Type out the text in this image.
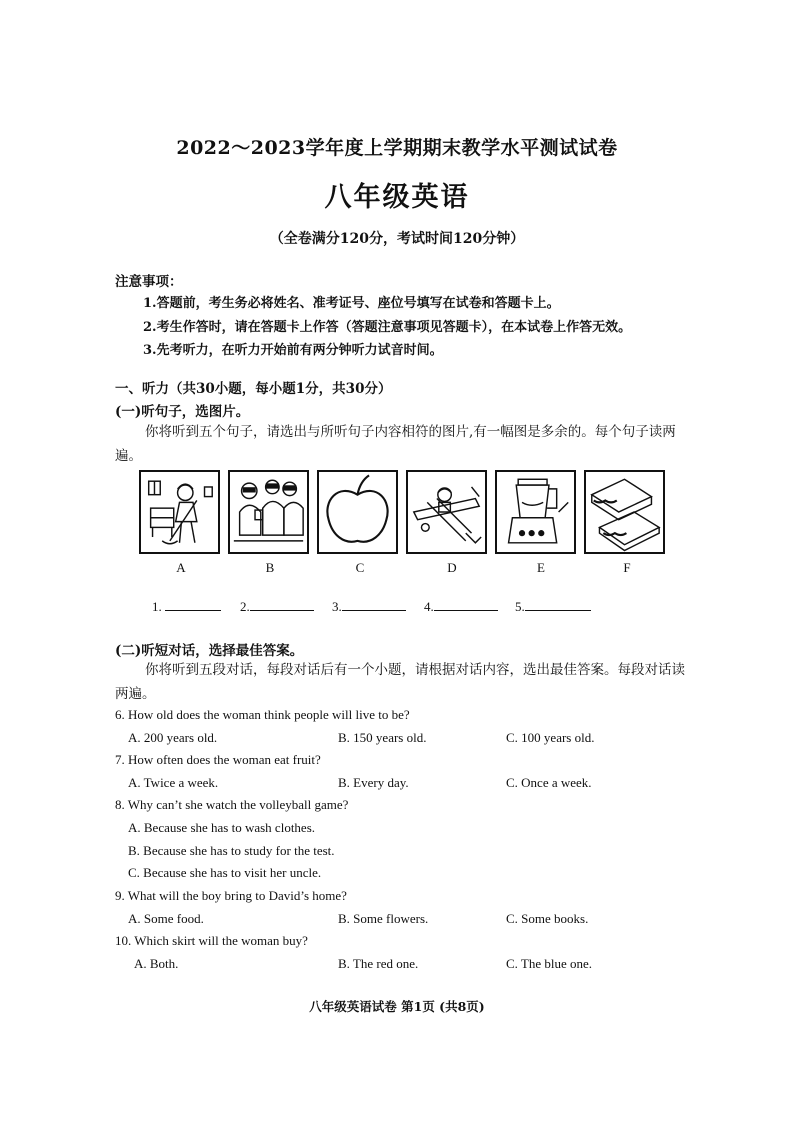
2022～2023学年度上学期期末教学水平测试试卷
八年级英语
（全卷满分120分，考试时间120分钟）
注意事项：
1.答题前，考生务必将姓名、准考证号、座位号填写在试卷和答题卡上。
2.考生作答时，请在答题卡上作答（答题注意事项见答题卡），在本试卷上作答无效。
3.先考听力，在听力开始前有两分钟听力试音时间。
一、听力（共30小题，每小题1分，共30分）
(一)听句子，选图片。
你将听到五个句子，请选出与所听句子内容相符的图片,有一幅图是多余的。每个句子读两遍。
A	B	C	D	E	F
1.	2.	3.	4.	5.
(二)听短对话，选择最佳答案。
你将听到五段对话，每段对话后有一个小题，请根据对话内容，选出最佳答案。每段对话读两遍。
6. How old does the woman think people will live to be?
A. 200 years old.	B. 150 years old.	C. 100 years old.
7. How often does the woman eat fruit?
A. Twice a week.	B. Every day.	C. Once a week.
8. Why can’t she watch the volleyball game?
A. Because she has to wash clothes.
B. Because she has to study for the test.
C. Because she has to visit her uncle.
9. What will the boy bring to David’s home?
A. Some food.	B. Some flowers.	C. Some books.
10. Which skirt will the woman buy?
A. Both.	B. The red one.	C. The blue one.
八年级英语试卷 第1页 (共8页)
